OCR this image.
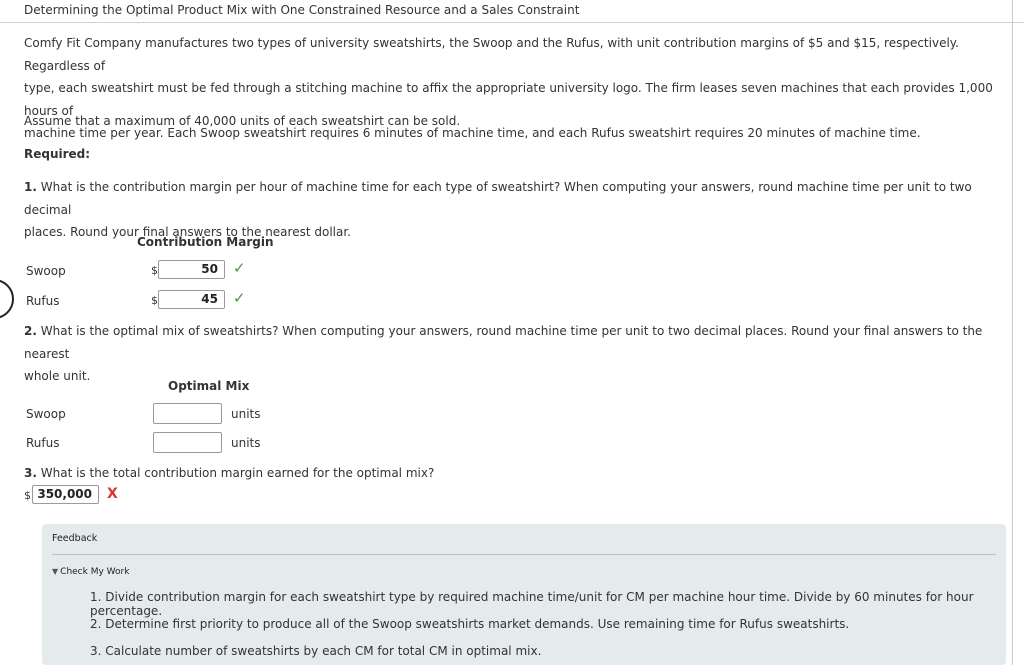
Determining the Optimal Product Mix with One Constrained Resource and a Sales Constraint
Comfy Fit Company manufactures two types of university sweatshirts, the Swoop and the Rufus, with unit contribution margins of $5 and $15, respectively. Regardless of
type, each sweatshirt must be fed through a stitching machine to affix the appropriate university logo. The firm leases seven machines that each provides 1,000 hours of
machine time per year. Each Swoop sweatshirt requires 6 minutes of machine time, and each Rufus sweatshirt requires 20 minutes of machine time.
Assume that a maximum of 40,000 units of each sweatshirt can be sold.
Required:
1. What is the contribution margin per hour of machine time for each type of sweatshirt? When computing your answers, round machine time per unit to two decimal
places. Round your final answers to the nearest dollar.
Contribution Margin
Swoop	$	50	✓
Rufus	$	45	✓
2. What is the optimal mix of sweatshirts? When computing your answers, round machine time per unit to two decimal places. Round your final answers to the nearest
whole unit.
Optimal Mix
Swoop	units
Rufus	units
3. What is the total contribution margin earned for the optimal mix?
$ 350,000	X
Feedback
▼ Check My Work
1. Divide contribution margin for each sweatshirt type by required machine time/unit for CM per machine hour time. Divide by 60 minutes for hour percentage.
2. Determine first priority to produce all of the Swoop sweatshirts market demands. Use remaining time for Rufus sweatshirts.
3. Calculate number of sweatshirts by each CM for total CM in optimal mix.
